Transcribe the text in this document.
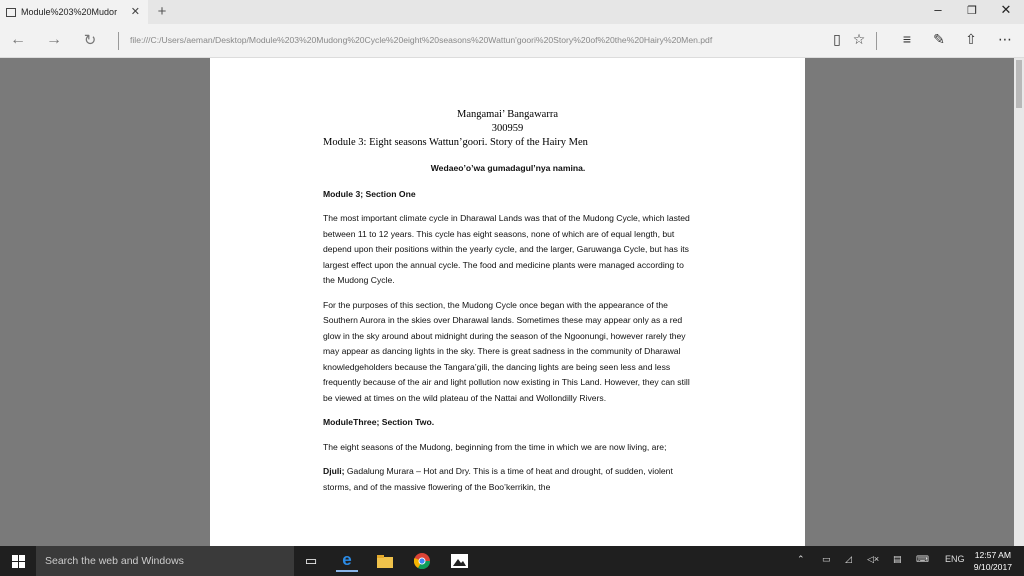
Module%203%20Mudor ✕ +	–	❐	✕
← → ↻	file:///C:/Users/aeman/Desktop/Module%203%20Mudong%20Cycle%20eight%20seasons%20Wattun'goori%20Story%20of%20the%20Hairy%20Men.pdf	▯ ☆	≡	✎ ⇧ ⋯
Mangamai’ Bangawarra
300959
Module 3: Eight seasons Wattun’goori. Story of the Hairy Men
Wedaeo’o’wa gumadagul’nya namina.
Module 3; Section One

The most important climate cycle in Dharawal Lands was that of the Mudong Cycle, which lasted between 11 to 12 years. This cycle has eight seasons, none of which are of equal length, but depend upon their positions within the yearly cycle, and the larger, Garuwanga Cycle, but has its largest effect upon the annual cycle. The food and medicine plants were managed according to the Mudong Cycle.

For the purposes of this section, the Mudong Cycle once began with the appearance of the Southern Aurora in the skies over Dharawal lands. Sometimes these may appear only as a red glow in the sky around about midnight during the season of the Ngoonungi, however rarely they may appear as dancing lights in the sky. There is great sadness in the community of Dharawal knowledgeholders because the Tangara’gili, the dancing lights are being seen less and less frequently because of the air and light pollution now existing in This Land. However, they can still be viewed at times on the wild plateau of the Nattai and Wollondilly Rivers.

ModuleThree; Section Two.

The eight seasons of the Mudong, beginning from the time in which we are now living, are;

Djuli; Gadalung Murara – Hot and Dry. This is a time of heat and drought, of sudden, violent storms, and of the massive flowering of the Boo’kerrikin, the

Search the web and Windows	▭	e	⌃ ▭ ◿ ◁× ▤ ⌨ ENG 12:57 AM
9/10/2017
